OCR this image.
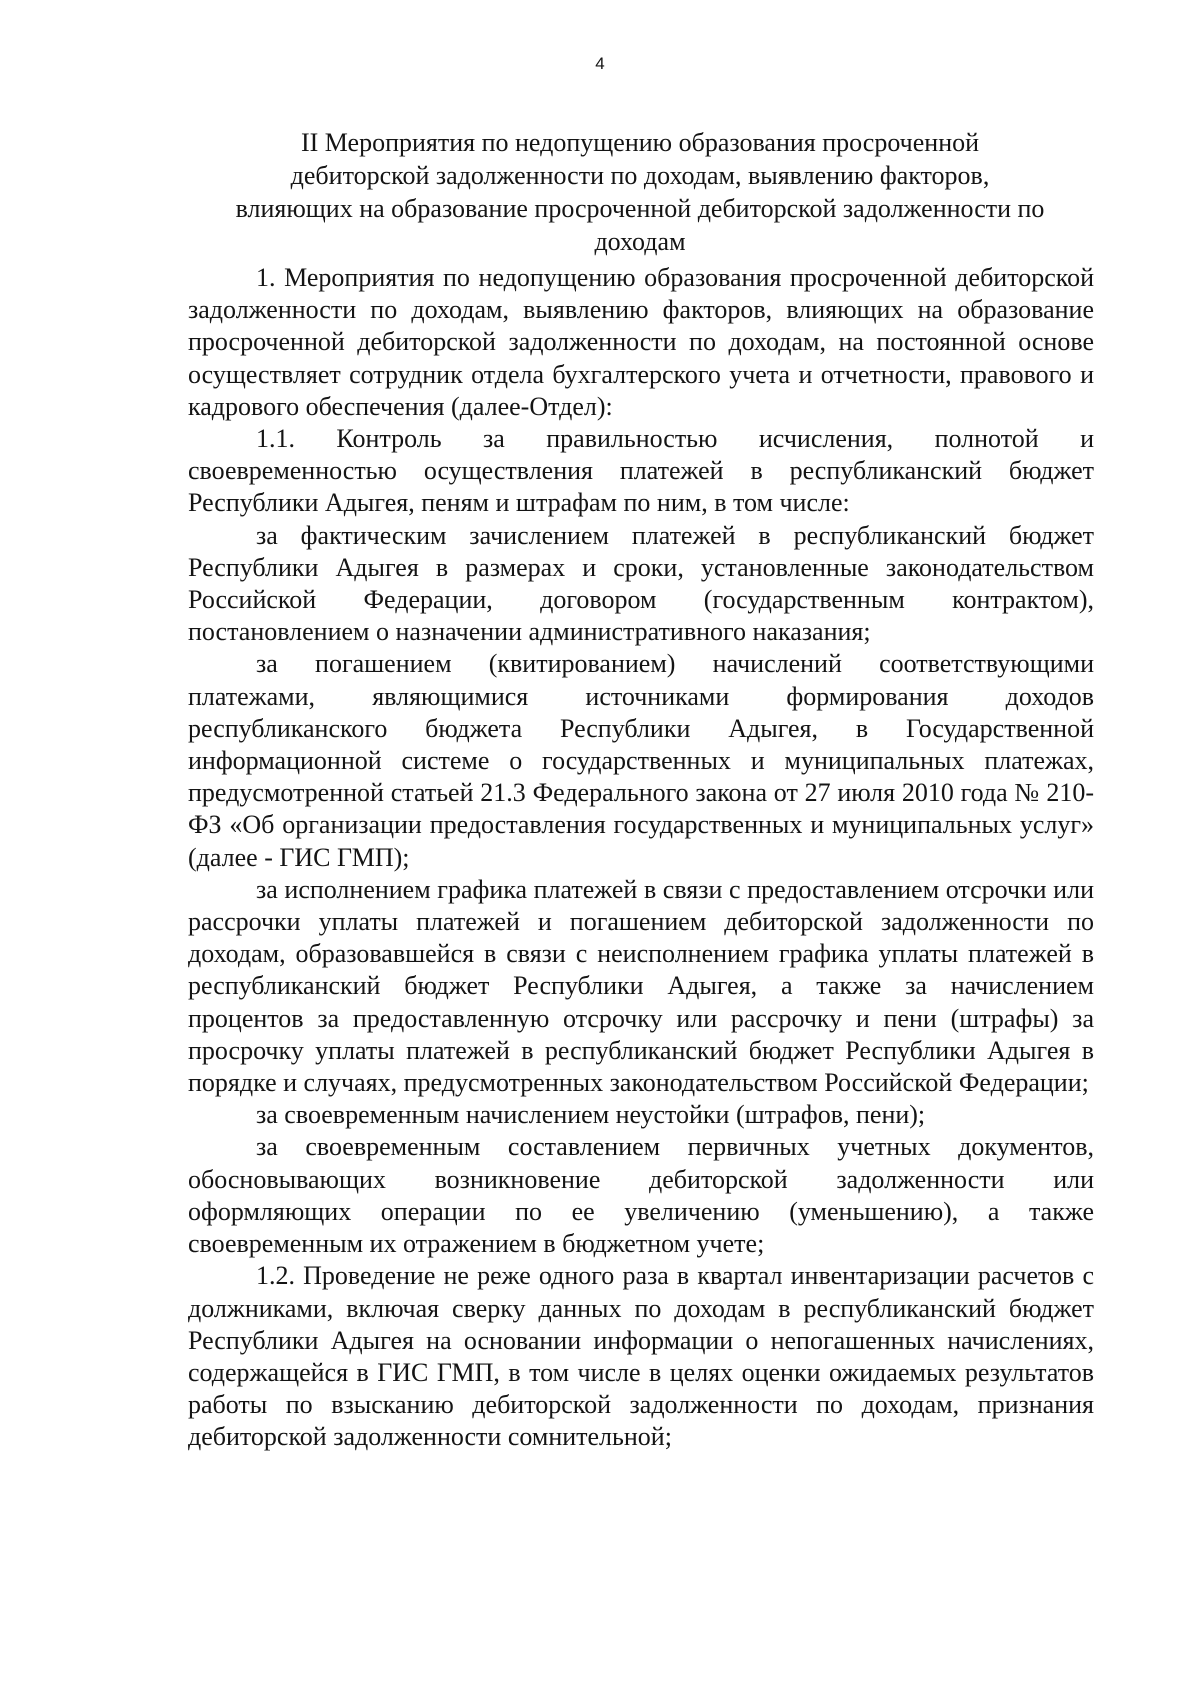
4
II Мероприятия по недопущению образования просроченной
дебиторской задолженности по доходам, выявлению факторов,
влияющих на образование просроченной дебиторской задолженности по
доходам

1. Мероприятия по недопущению образования просроченной дебиторской задолженности по доходам, выявлению факторов, влияющих на образование просроченной дебиторской задолженности по доходам, на постоянной основе осуществляет сотрудник отдела бухгалтерского учета и отчетности, правового и кадрового обеспечения (далее-Отдел):

1.1. Контроль за правильностью исчисления, полнотой и своевременностью осуществления платежей в республиканский бюджет Республики Адыгея, пеням и штрафам по ним, в том числе:

за фактическим зачислением платежей в республиканский бюджет Республики Адыгея в размерах и сроки, установленные законодательством Российской Федерации, договором (государственным контрактом), постановлением о назначении административного наказания;

за погашением (квитированием) начислений соответствующими платежами, являющимися источниками формирования доходов республиканского бюджета Республики Адыгея, в Государственной информационной системе о государственных и муниципальных платежах, предусмотренной статьей 21.3 Федерального закона от 27 июля 2010 года № 210-ФЗ «Об организации предоставления государственных и муниципальных услуг» (далее - ГИС ГМП);

за исполнением графика платежей в связи с предоставлением отсрочки или рассрочки уплаты платежей и погашением дебиторской задолженности по доходам, образовавшейся в связи с неисполнением графика уплаты платежей в республиканский бюджет Республики Адыгея, а также за начислением процентов за предоставленную отсрочку или рассрочку и пени (штрафы) за просрочку уплаты платежей в республиканский бюджет Республики Адыгея в порядке и случаях, предусмотренных законодательством Российской Федерации;

за своевременным начислением неустойки (штрафов, пени);

за своевременным составлением первичных учетных документов, обосновывающих возникновение дебиторской задолженности или оформляющих операции по ее увеличению (уменьшению), а также своевременным их отражением в бюджетном учете;

1.2. Проведение не реже одного раза в квартал инвентаризации расчетов с должниками, включая сверку данных по доходам в республиканский бюджет Республики Адыгея на основании информации о непогашенных начислениях, содержащейся в ГИС ГМП, в том числе в целях оценки ожидаемых результатов работы по взысканию дебиторской задолженности по доходам, признания дебиторской задолженности сомнительной;
